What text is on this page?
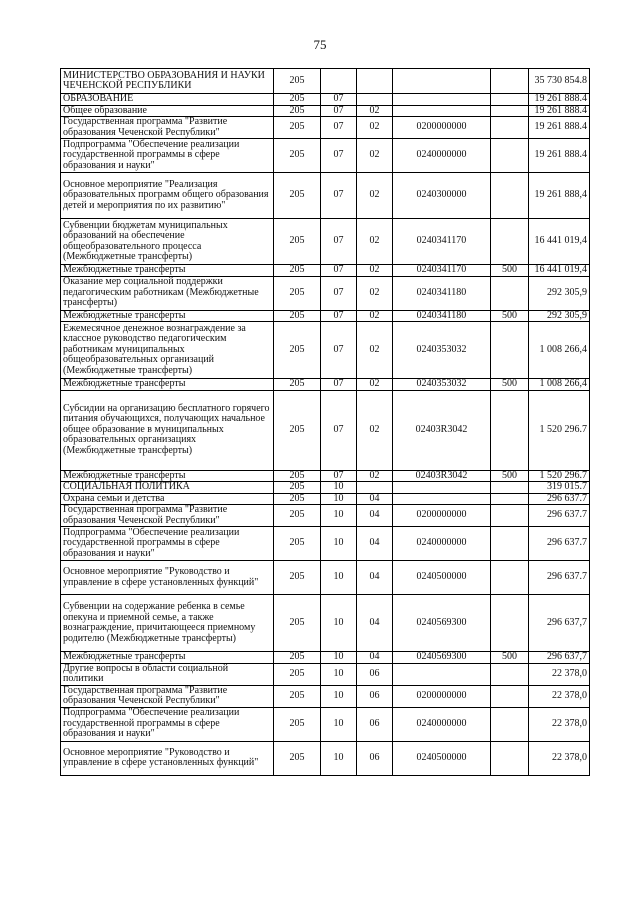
75
МИНИСТЕРСТВО ОБРАЗОВАНИЯ И НАУКИ ЧЕЧЕНСКОЙ РЕСПУБЛИКИ	205					35 730 854.8
ОБРАЗОВАНИЕ	205	07				19 261 888.4
Общее образование	205	07	02			19 261 888.4
Государственная программа "Развитие образования Чеченской Республики"	205	07	02	0200000000		19 261 888.4
Подпрограмма "Обеспечение реализации государственной программы в сфере образования и науки"	205	07	02	0240000000		19 261 888.4
Основное мероприятие "Реализация образовательных программ общего образования детей и мероприятия по их развитию"	205	07	02	0240300000		19 261 888,4
Субвенции бюджетам муниципальных образований на обеспечение общеобразовательного процесса (Межбюджетные трансферты)	205	07	02	0240341170		16 441 019,4
Межбюджетные трансферты	205	07	02	0240341170	500	16 441 019,4
Оказание мер социальной поддержки педагогическим работникам (Межбюджетные трансферты)	205	07	02	0240341180		292 305,9
Межбюджетные трансферты	205	07	02	0240341180	500	292 305,9
Ежемесячное денежное вознаграждение за классное руководство педагогическим работникам муниципальных общеобразовательных организаций (Межбюджетные трансферты)	205	07	02	0240353032		1 008 266,4
Межбюджетные трансферты	205	07	02	0240353032	500	1 008 266,4
Субсидии на организацию бесплатного горячего питания обучающихся, получающих начальное общее образование в муниципальных образовательных организациях (Межбюджетные трансферты)	205	07	02	02403R3042		1 520 296.7
Межбюджетные трансферты	205	07	02	02403R3042	500	1 520 296.7
СОЦИАЛЬНАЯ ПОЛИТИКА	205	10				319 015.7
Охрана семьи и детства	205	10	04			296 637.7
Государственная программа "Развитие образования Чеченской Республики"	205	10	04	0200000000		296 637.7
Подпрограмма "Обеспечение реализации государственной программы в сфере образования и науки"	205	10	04	0240000000		296 637.7
Основное мероприятие "Руководство и управление в сфере установленных функций"	205	10	04	0240500000		296 637.7
Субвенции на содержание ребенка в семье опекуна и приемной семье, а также вознаграждение, причитающееся приемному родителю (Межбюджетные трансферты)	205	10	04	0240569300		296 637,7
Межбюджетные трансферты	205	10	04	0240569300	500	296 637,7
Другие вопросы в области социальной политики	205	10	06			22 378,0
Государственная программа "Развитие образования Чеченской Республики"	205	10	06	0200000000		22 378,0
Подпрограмма "Обеспечение реализации государственной программы в сфере образования и науки"	205	10	06	0240000000		22 378,0
Основное мероприятие "Руководство и управление в сфере установленных функций"	205	10	06	0240500000		22 378,0
